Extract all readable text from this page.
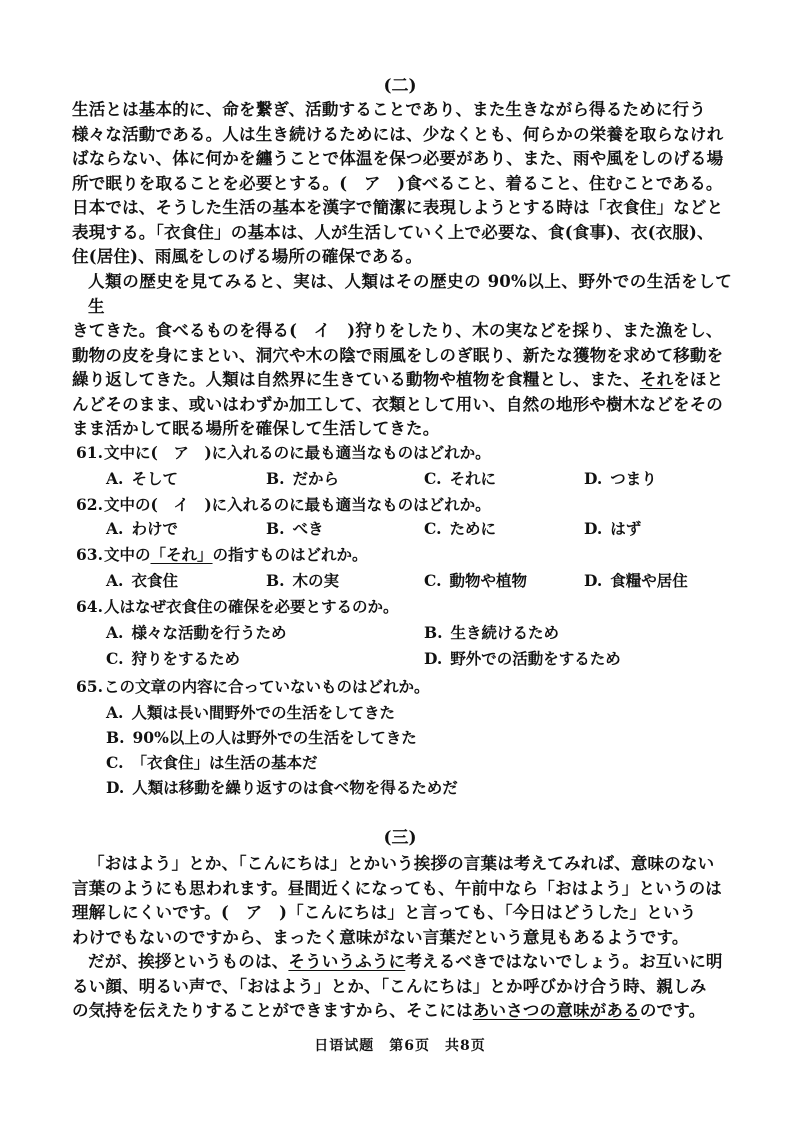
(二)
生活とは基本的に、命を繋ぎ、活動することであり、また生きながら得るために行う
様々な活動である。人は生き続けるためには、少なくとも、何らかの栄養を取らなけれ
ばならない、体に何かを纏うことで体温を保つ必要があり、また、雨や風をしのげる場
所で眠りを取ることを必要とする。(　ア　)食べること、着ること、住むことである。
日本では、そうした生活の基本を漢字で簡潔に表現しようとする時は「衣食住」などと
表現する。「衣食住」の基本は、人が生活していく上で必要な、食(食事)、衣(衣服)、
住(居住)、雨風をしのげる場所の確保である。
人類の歴史を見てみると、実は、人類はその歴史の 90%以上、野外での生活をして生
きてきた。食べるものを得る(　イ　)狩りをしたり、木の実などを採り、また漁をし、
動物の皮を身にまとい、洞穴や木の陰で雨風をしのぎ眠り、新たな獲物を求めて移動を
繰り返してきた。人類は自然界に生きている動物や植物を食糧とし、また、それをほと
んどそのまま、或いはわずか加工して、衣類として用い、自然の地形や樹木などをその
まま活かして眠る場所を確保して生活してきた。
61.文中に(　ア　)に入れるのに最も適当なものはどれか。
A. そして	B. だから	C. それに	D. つまり
62.文中の(　イ　)に入れるのに最も適当なものはどれか。
A. わけで	B. べき	C. ために	D. はず
63.文中の「それ」の指すものはどれか。
A. 衣食住	B. 木の実	C. 動物や植物	D. 食糧や居住
64.人はなぜ衣食住の確保を必要とするのか。
A. 様々な活動を行うため	B. 生き続けるため
C. 狩りをするため	D. 野外での活動をするため
65.この文章の内容に合っていないものはどれか。
A. 人類は長い間野外での生活をしてきた
B. 90%以上の人は野外での生活をしてきた
C. 「衣食住」は生活の基本だ
D. 人類は移動を繰り返すのは食べ物を得るためだ
(三)
「おはよう」とか、「こんにちは」とかいう挨拶の言葉は考えてみれば、意味のない
言葉のようにも思われます。昼間近くになっても、午前中なら「おはよう」というのは
理解しにくいです。(　ア　)「こんにちは」と言っても、「今日はどうした」という
わけでもないのですから、まったく意味がない言葉だという意見もあるようです。
だが、挨拶というものは、そういうふうに考えるべきではないでしょう。お互いに明
るい顔、明るい声で、「おはよう」とか、「こんにちは」とか呼びかけ合う時、親しみ
の気持を伝えたりすることができますから、そこにはあいさつの意味があるのです。
日语试题　第6页　共8页
